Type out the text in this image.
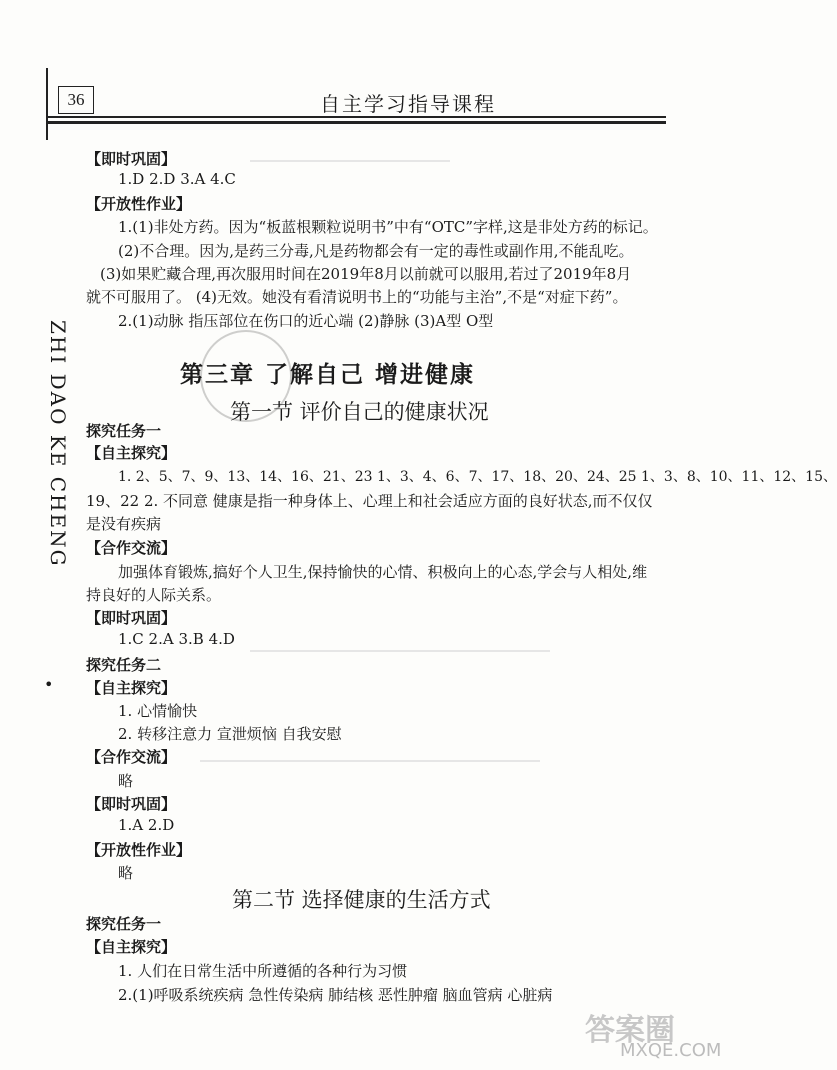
36	自主学习指导课程
ZHI DAO KE CHENG
•
【即时巩固】
1.D 2.D 3.A 4.C
【开放性作业】
1.(1)非处方药。因为“板蓝根颗粒说明书”中有“OTC”字样,这是非处方药的标记。
(2)不合理。因为,是药三分毒,凡是药物都会有一定的毒性或副作用,不能乱吃。
(3)如果贮藏合理,再次服用时间在2019年8月以前就可以服用,若过了2019年8月
就不可服用了。 (4)无效。她没有看清说明书上的“功能与主治”,不是“对症下药”。
2.(1)动脉 指压部位在伤口的近心端 (2)静脉 (3)A型 O型
第三章 了解自己 增进健康
第一节 评价自己的健康状况
探究任务一
【自主探究】
1. 2、5、7、9、13、14、16、21、23 1、3、4、6、7、17、18、20、24、25 1、3、8、10、11、12、15、
19、22 2. 不同意 健康是指一种身体上、心理上和社会适应方面的良好状态,而不仅仅
是没有疾病
【合作交流】
加强体育锻炼,搞好个人卫生,保持愉快的心情、积极向上的心态,学会与人相处,维
持良好的人际关系。
【即时巩固】
1.C 2.A 3.B 4.D
探究任务二
【自主探究】
1. 心情愉快
2. 转移注意力 宣泄烦恼 自我安慰
【合作交流】
略
【即时巩固】
1.A 2.D
【开放性作业】
略
第二节 选择健康的生活方式
探究任务一
【自主探究】
1. 人们在日常生活中所遵循的各种行为习惯
2.(1)呼吸系统疾病 急性传染病 肺结核 恶性肿瘤 脑血管病 心脏病
答案圈
MXQE.COM
